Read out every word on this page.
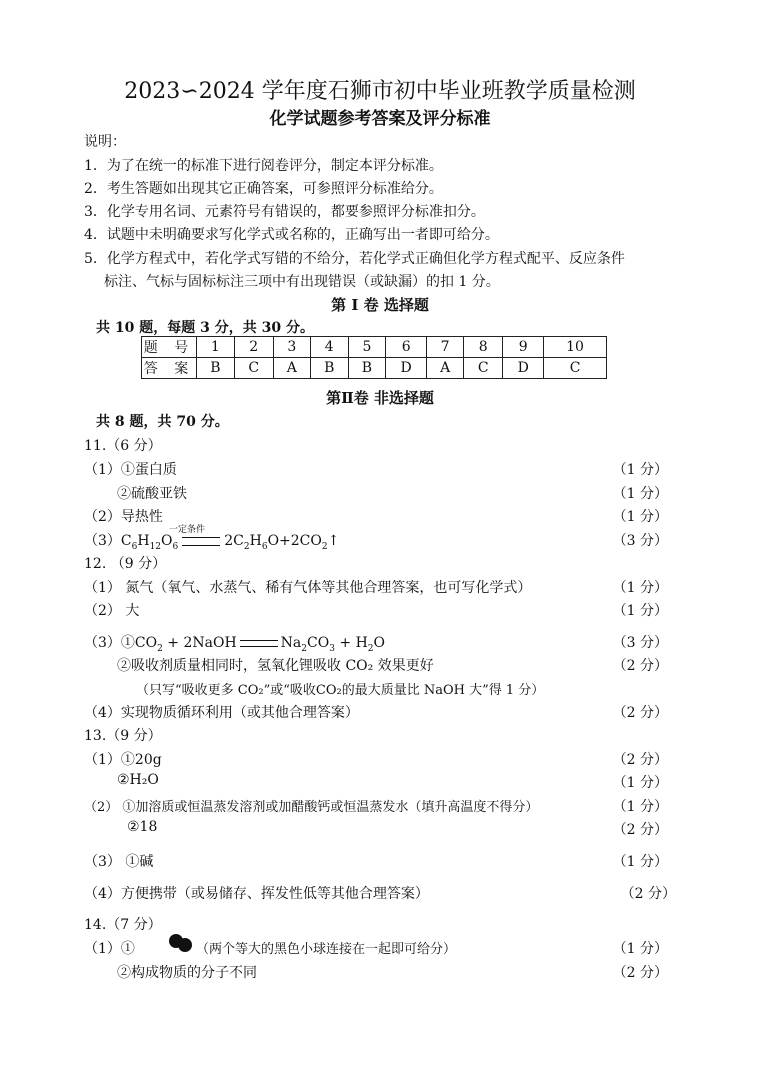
2023∽2024 学年度石狮市初中毕业班教学质量检测
化学试题参考答案及评分标准
说明：
1．为了在统一的标准下进行阅卷评分，制定本评分标准。
2．考生答题如出现其它正确答案，可参照评分标准给分。
3．化学专用名词、元素符号有错误的，都要参照评分标准扣分。
4．试题中未明确要求写化学式或名称的，正确写出一者即可给分。
5．化学方程式中，若化学式写错的不给分，若化学式正确但化学方程式配平、反应条件
标注、气标与固标标注三项中有出现错误（或缺漏）的扣 1 分。
第 I 卷 选择题
共 10 题，每题 3 分，共 30 分。
题 号	1	2	3	4	5	6	7	8	9	10
答 案	B	C	A	B	B	D	A	C	D	C
第Ⅱ卷 非选择题
共 8 题，共 70 分。
11.（6 分）
（1）①蛋白质	（1 分）
②硫酸亚铁	（1 分）
（2）导热性	（1 分）
一定条件
$(3)C_6H_{12}O_6$	$2C_2H_6O+2CO_2↑$	（3 分）
12. （9 分）
（1） 氮气（氧气、水蒸气、稀有气体等其他合理答案，也可写化学式）	（1 分）
（2） 大	（1 分）
$(3)①CO_2$ + 2NaOH	$Na_2CO_3 + H_2O$	（3 分）
②吸收剂质量相同时，氢氧化锂吸收 CO₂ 效果更好	（2 分）
（只写“吸收更多 CO₂”或“吸收CO₂的最大质量比 NaOH 大”得 1 分）
（4）实现物质循环利用（或其他合理答案）	（2 分）
13.（9 分）
（1）①20g	（2 分）
②H₂O	（1 分）
（2） ①加溶质或恒温蒸发溶剂或加醋酸钙或恒温蒸发水（填升高温度不得分）	（1 分）
②18	（2 分）
（3） ①碱	（1 分）
（4）方便携带（或易储存、挥发性低等其他合理答案）	（2 分）
14.（7 分）
（1）①	（两个等大的黑色小球连接在一起即可给分）	（1 分）
②构成物质的分子不同	（2 分）
